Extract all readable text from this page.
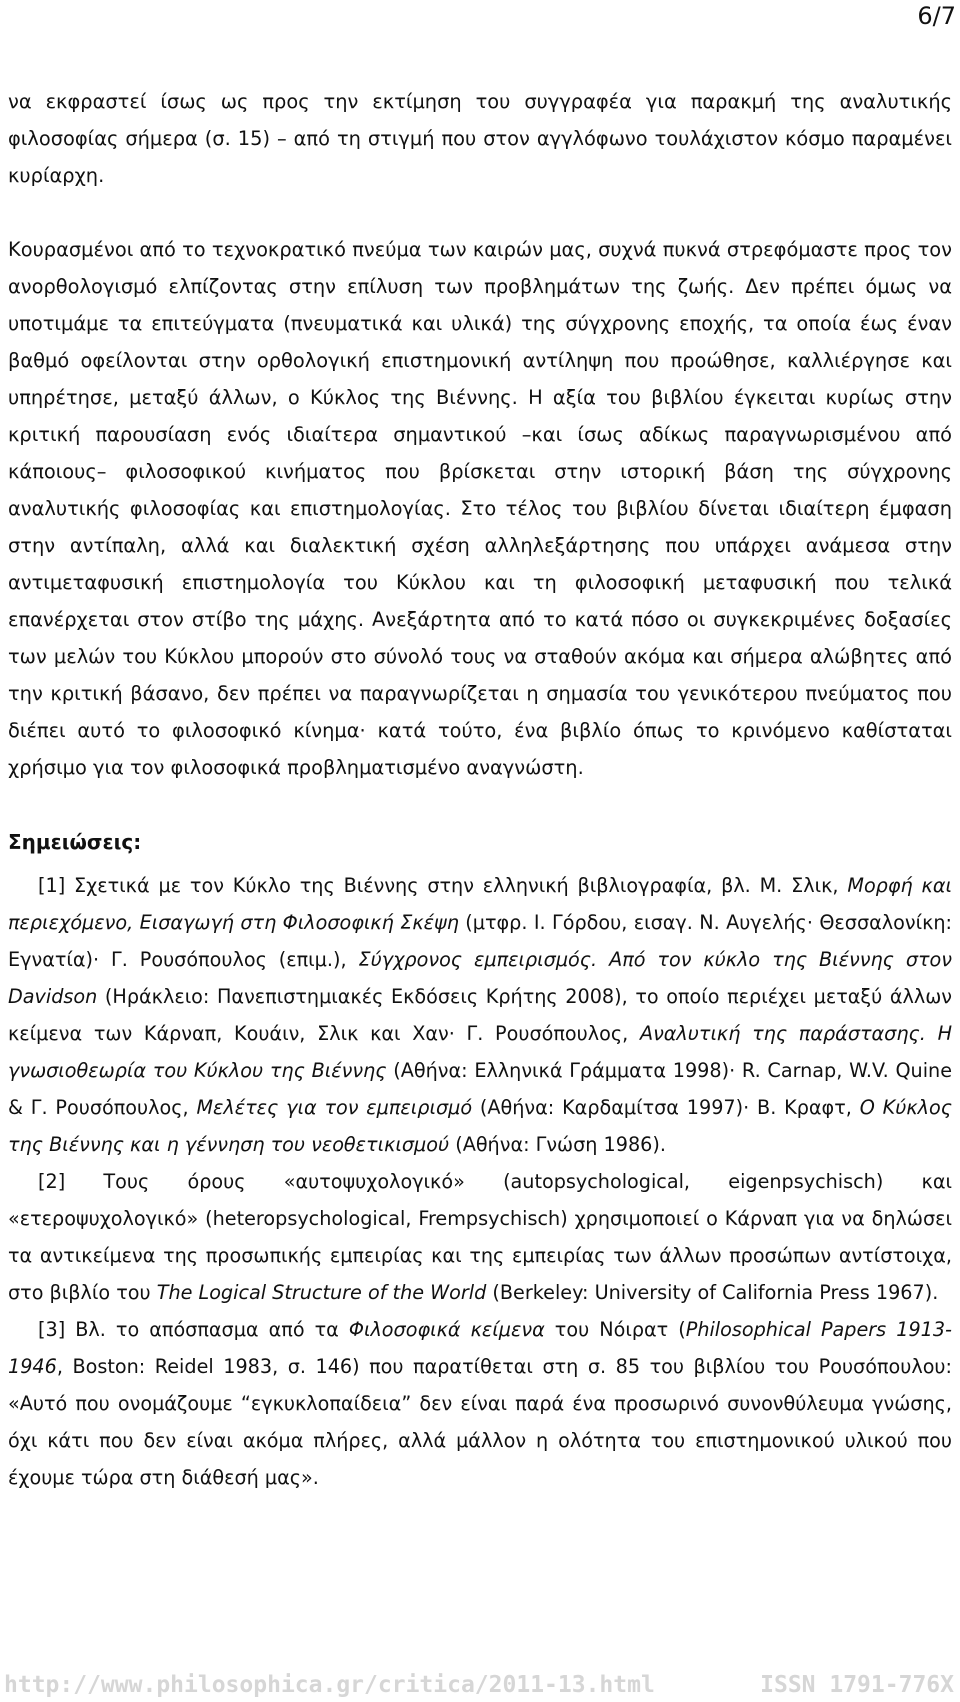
6/7

να εκφραστεί ίσως ως προς την εκτίμηση του συγγραφέα για παρακμή της αναλυτικής φιλοσοφίας σήμερα (σ. 15) – από τη στιγμή που στον αγγλόφωνο τουλάχιστον κόσμο παραμένει κυρίαρχη.

Κουρασμένοι από το τεχνοκρατικό πνεύμα των καιρών μας, συχνά πυκνά στρεφόμαστε προς τον ανορθολογισμό ελπίζοντας στην επίλυση των προβλημάτων της ζωής. Δεν πρέπει όμως να υποτιμάμε τα επιτεύγματα (πνευματικά και υλικά) της σύγχρονης εποχής, τα οποία έως έναν βαθμό οφείλονται στην ορθολογική επιστημονική αντίληψη που προώθησε, καλλιέργησε και υπηρέτησε, μεταξύ άλλων, ο Κύκλος της Βιέννης. Η αξία του βιβλίου έγκειται κυρίως στην κριτική παρουσίαση ενός ιδιαίτερα σημαντικού –και ίσως αδίκως παραγνωρισμένου από κάποιους– φιλοσοφικού κινήματος που βρίσκεται στην ιστορική βάση της σύγχρονης αναλυτικής φιλοσοφίας και επιστημολογίας. Στο τέλος του βιβλίου δίνεται ιδιαίτερη έμφαση στην αντίπαλη, αλλά και διαλεκτική σχέση αλληλεξάρτησης που υπάρχει ανάμεσα στην αντιμεταφυσική επιστημολογία του Κύκλου και τη φιλοσοφική μεταφυσική που τελικά επανέρχεται στον στίβο της μάχης. Ανεξάρτητα από το κατά πόσο οι συγκεκριμένες δοξασίες των μελών του Κύκλου μπορούν στο σύνολό τους να σταθούν ακόμα και σήμερα αλώβητες από την κριτική βάσανο, δεν πρέπει να παραγνωρίζεται η σημασία του γενικότερου πνεύματος που διέπει αυτό το φιλοσοφικό κίνημα· κατά τούτο, ένα βιβλίο όπως το κρινόμενο καθίσταται χρήσιμο για τον φιλοσοφικά προβληματισμένο αναγνώστη.

Σημειώσεις:

[1] Σχετικά με τον Κύκλο της Βιέννης στην ελληνική βιβλιογραφία, βλ. Μ. Σλικ, Μορφή και περιεχόμενο, Εισαγωγή στη Φιλοσοφική Σκέψη (μτφρ. Ι. Γόρδου, εισαγ. Ν. Αυγελής· Θεσσαλονίκη: Εγνατία)· Γ. Ρουσόπουλος (επιμ.), Σύγχρονος εμπειρισμός. Από τον κύκλο της Βιέννης στον Davidson (Ηράκλειο: Πανεπιστημιακές Εκδόσεις Κρήτης 2008), το οποίο περιέχει μεταξύ άλλων κείμενα των Κάρναπ, Κουάιν, Σλικ και Χαν· Γ. Ρουσόπουλος, Αναλυτική της παράστασης. Η γνωσιοθεωρία του Κύκλου της Βιέννης (Αθήνα: Ελληνικά Γράμματα 1998)· R. Carnap, W.V. Quine & Γ. Ρουσόπουλος, Μελέτες για τον εμπειρισμό (Αθήνα: Καρδαμίτσα 1997)· Β. Κραφτ, Ο Κύκλος της Βιέννης και η γέννηση του νεοθετικισμού (Αθήνα: Γνώση 1986).

[2] Τους όρους «αυτοψυχολογικό» (autopsychological, eigenpsychisch) και «ετεροψυχολογικό» (heteropsychological, Frempsychisch) χρησιμοποιεί ο Κάρναπ για να δηλώσει τα αντικείμενα της προσωπικής εμπειρίας και της εμπειρίας των άλλων προσώπων αντίστοιχα, στο βιβλίο του The Logical Structure of the World (Berkeley: University of California Press 1967).

[3] Βλ. το απόσπασμα από τα Φιλοσοφικά κείμενα του Νόιρατ (Philosophical Papers 1913-1946, Boston: Reidel 1983, σ. 146) που παρατίθεται στη σ. 85 του βιβλίου του Ρουσόπουλου: «Αυτό που ονομάζουμε “εγκυκλοπαίδεια” δεν είναι παρά ένα προσωρινό συνονθύλευμα γνώσης, όχι κάτι που δεν είναι ακόμα πλήρες, αλλά μάλλον η ολότητα του επιστημονικού υλικού που έχουμε τώρα στη διάθεσή μας».

http://www.philosophica.gr/critica/2011-13.html	ISSN 1791-776X
